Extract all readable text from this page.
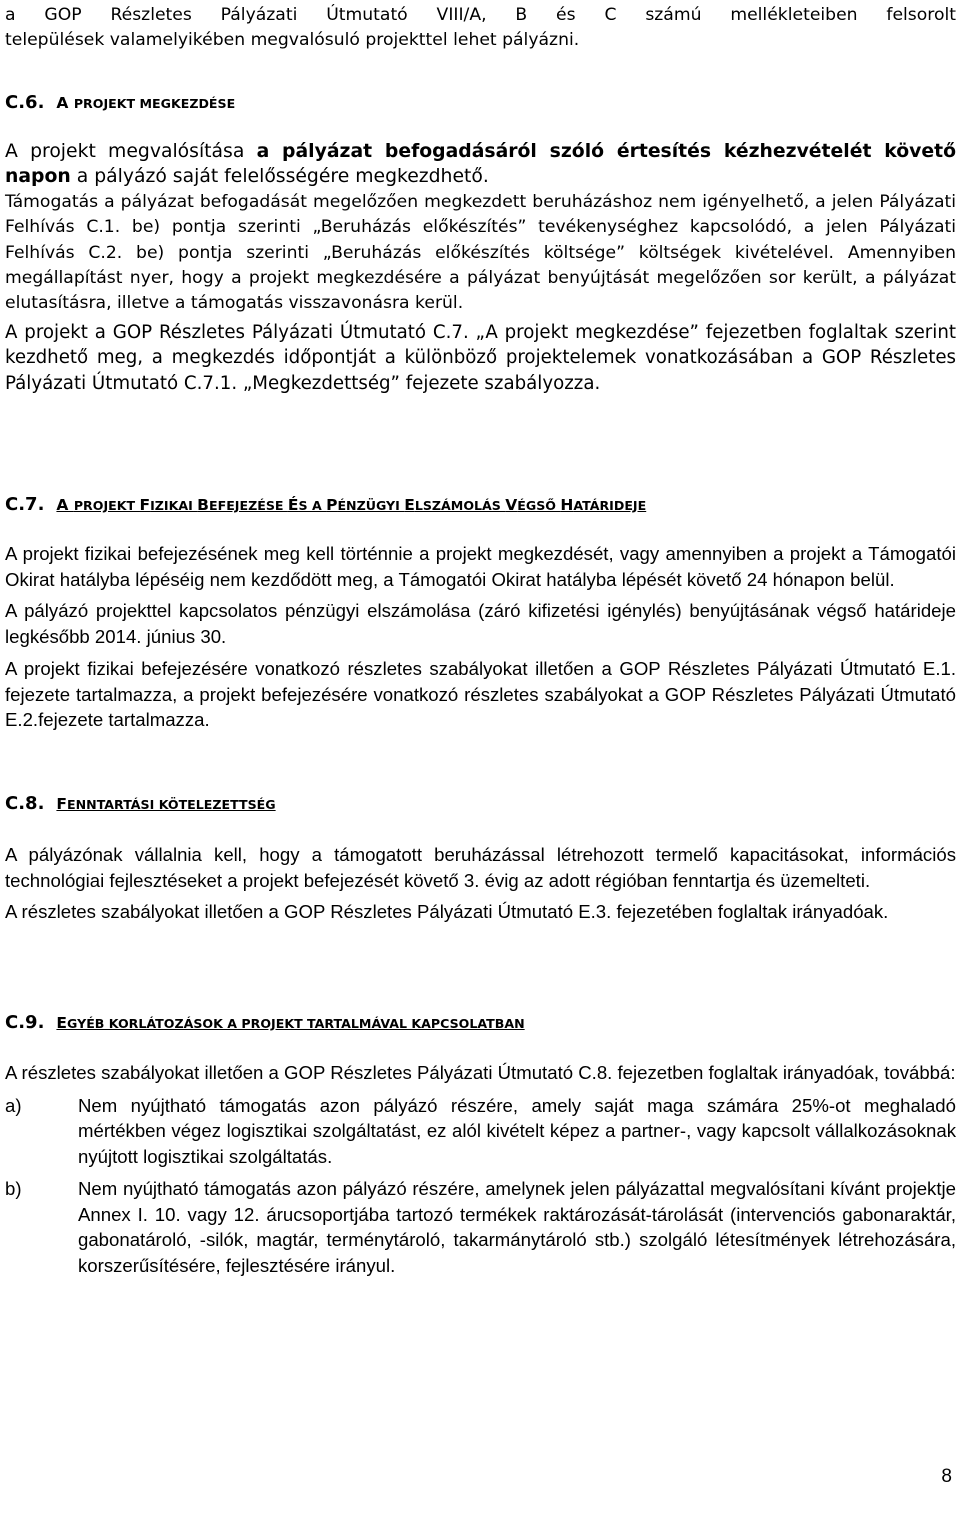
a GOP Részletes Pályázati Útmutató VIII/A, B és C számú mellékleteiben felsorolt

települések valamelyikében megvalósuló projekttel lehet pályázni.

C.6. A PROJEKT MEGKEZDÉSE

A projekt megvalósítása a pályázat befogadásáról szóló értesítés kézhezvételét követő napon a pályázó saját felelősségére megkezdhető.

Támogatás a pályázat befogadását megelőzően megkezdett beruházáshoz nem igényelhető, a jelen Pályázati Felhívás C.1. be) pontja szerinti „Beruházás előkészítés” tevékenységhez kapcsolódó, a jelen Pályázati Felhívás C.2. be) pontja szerinti „Beruházás előkészítés költsége” költségek kivételével. Amennyiben megállapítást nyer, hogy a projekt megkezdésére a pályázat benyújtását megelőzően sor került, a pályázat elutasításra, illetve a támogatás visszavonásra kerül.

A projekt a GOP Részletes Pályázati Útmutató C.7. „A projekt megkezdése” fejezetben foglaltak szerint kezdhető meg, a megkezdés időpontját a különböző projektelemek vonatkozásában a GOP Részletes Pályázati Útmutató C.7.1. „Megkezdettség” fejezete szabályozza.

C.7. A PROJEKT FIZIKAI BEFEJEZÉSE ÉS A PÉNZÜGYI ELSZÁMOLÁS VÉGSŐ HATÁRIDEJE

A projekt fizikai befejezésének meg kell történnie a projekt megkezdését, vagy amennyiben a projekt a Támogatói Okirat hatályba lépéséig nem kezdődött meg, a Támogatói Okirat hatályba lépését követő 24 hónapon belül.

A pályázó projekttel kapcsolatos pénzügyi elszámolása (záró kifizetési igénylés) benyújtásának végső határideje legkésőbb 2014. június 30.

A projekt fizikai befejezésére vonatkozó részletes szabályokat illetően a GOP Részletes Pályázati Útmutató E.1. fejezete tartalmazza, a projekt befejezésére vonatkozó részletes szabályokat a GOP Részletes Pályázati Útmutató E.2.fejezete tartalmazza.

C.8. FENNTARTÁSI KÖTELEZETTSÉG

A pályázónak vállalnia kell, hogy a támogatott beruházással létrehozott termelő kapacitásokat, információs technológiai fejlesztéseket a projekt befejezését követő 3. évig az adott régióban fenntartja és üzemelteti.

A részletes szabályokat illetően a GOP Részletes Pályázati Útmutató E.3. fejezetében foglaltak irányadóak.

C.9. EGYÉB KORLÁTOZÁSOK A PROJEKT TARTALMÁVAL KAPCSOLATBAN

A részletes szabályokat illetően a GOP Részletes Pályázati Útmutató C.8. fejezetben foglaltak irányadóak, továbbá:

a)	Nem nyújtható támogatás azon pályázó részére, amely saját maga számára 25%-ot meghaladó mértékben végez logisztikai szolgáltatást, ez alól kivételt képez a partner-, vagy kapcsolt vállalkozásoknak nyújtott logisztikai szolgáltatás.
b)	Nem nyújtható támogatás azon pályázó részére, amelynek jelen pályázattal megvalósítani kívánt projektje Annex I. 10. vagy 12. árucsoportjába tartozó termékek raktározását-tárolását (intervenciós gabonaraktár, gabonatároló, -silók, magtár, terménytároló, takarmánytároló stb.) szolgáló létesítmények létrehozására, korszerűsítésére, fejlesztésére irányul.
8
